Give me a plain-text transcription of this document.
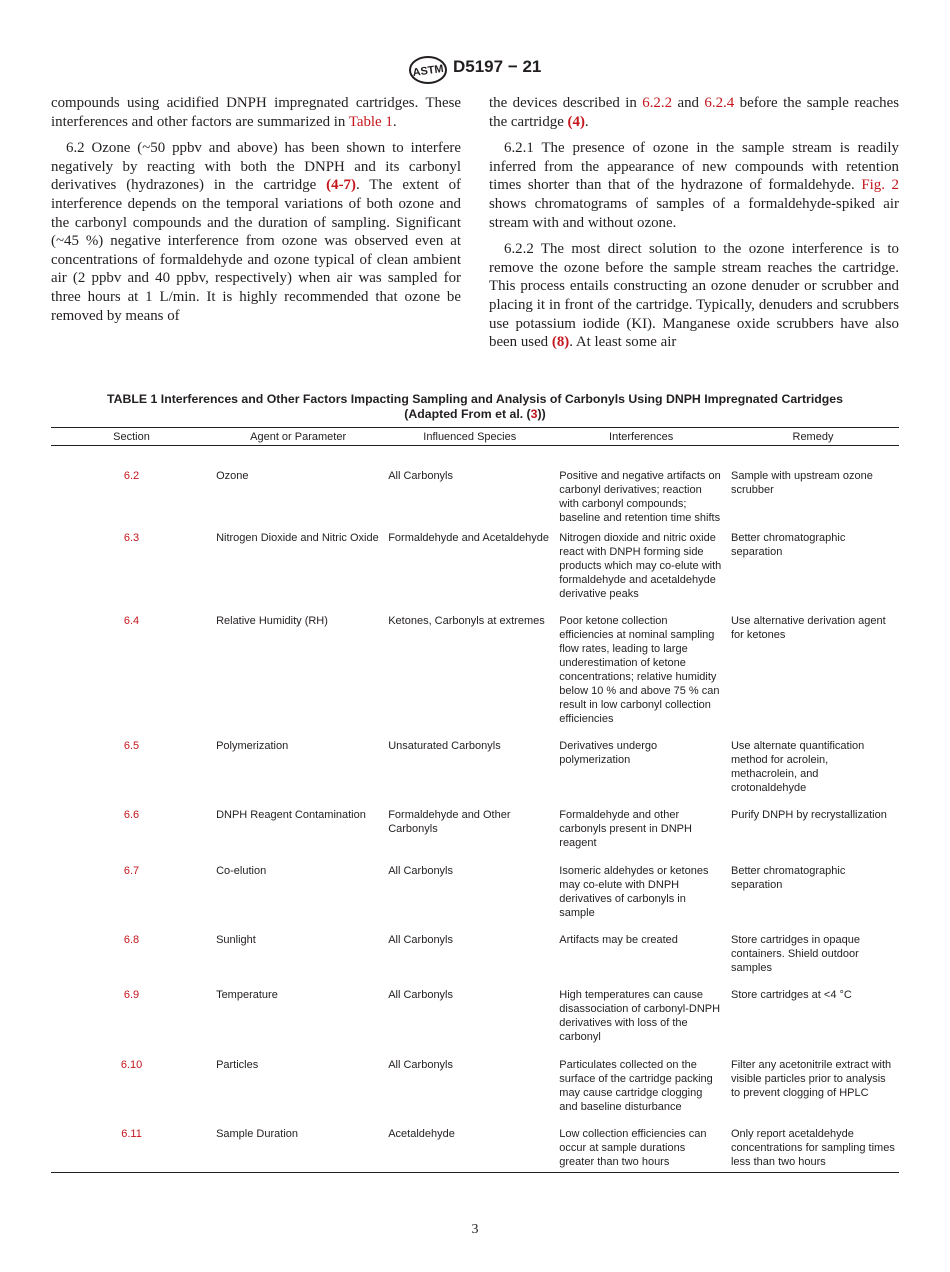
ASTM D5197 − 21

compounds using acidified DNPH impregnated cartridges. These interferences and other factors are summarized in Table 1.

6.2 Ozone (~50 ppbv and above) has been shown to interfere negatively by reacting with both the DNPH and its carbonyl derivatives (hydrazones) in the cartridge (4-7). The extent of interference depends on the temporal variations of both ozone and the carbonyl compounds and the duration of sampling. Significant (~45 %) negative interference from ozone was observed even at concentrations of formaldehyde and ozone typical of clean ambient air (2 ppbv and 40 ppbv, respectively) when air was sampled for three hours at 1 L/min. It is highly recommended that ozone be removed by means of

the devices described in 6.2.2 and 6.2.4 before the sample reaches the cartridge (4).

6.2.1 The presence of ozone in the sample stream is readily inferred from the appearance of new compounds with retention times shorter than that of the hydrazone of formaldehyde. Fig. 2 shows chromatograms of samples of a formaldehyde-spiked air stream with and without ozone.

6.2.2 The most direct solution to the ozone interference is to remove the ozone before the sample stream reaches the cartridge. This process entails constructing an ozone denuder or scrubber and placing it in front of the cartridge. Typically, denuders and scrubbers use potassium iodide (KI). Manganese oxide scrubbers have also been used (8). At least some air

TABLE 1 Interferences and Other Factors Impacting Sampling and Analysis of Carbonyls Using DNPH Impregnated Cartridges
(Adapted From et al. (3))
Section	Agent or Parameter	Influenced Species	Interferences	Remedy
6.2	Ozone	All Carbonyls	Positive and negative artifacts on carbonyl derivatives; reaction with carbonyl compounds; baseline and retention time shifts	Sample with upstream ozone scrubber
6.3	Nitrogen Dioxide and Nitric Oxide	Formaldehyde and Acetaldehyde	Nitrogen dioxide and nitric oxide react with DNPH forming side products which may co-elute with formaldehyde and acetaldehyde derivative peaks	Better chromatographic separation
6.4	Relative Humidity (RH)	Ketones, Carbonyls at extremes	Poor ketone collection efficiencies at nominal sampling flow rates, leading to large underestimation of ketone concentrations; relative humidity below 10 % and above 75 % can result in low carbonyl collection efficiencies	Use alternative derivation agent for ketones
6.5	Polymerization	Unsaturated Carbonyls	Derivatives undergo polymerization	Use alternate quantification method for acrolein, methacrolein, and crotonaldehyde
6.6	DNPH Reagent Contamination	Formaldehyde and Other Carbonyls	Formaldehyde and other carbonyls present in DNPH reagent	Purify DNPH by recrystallization
6.7	Co-elution	All Carbonyls	Isomeric aldehydes or ketones may co-elute with DNPH derivatives of carbonyls in sample	Better chromatographic separation
6.8	Sunlight	All Carbonyls	Artifacts may be created	Store cartridges in opaque containers. Shield outdoor samples
6.9	Temperature	All Carbonyls	High temperatures can cause disassociation of carbonyl-DNPH derivatives with loss of the carbonyl	Store cartridges at <4 °C
6.10	Particles	All Carbonyls	Particulates collected on the surface of the cartridge packing may cause cartridge clogging and baseline disturbance	Filter any acetonitrile extract with visible particles prior to analysis to prevent clogging of HPLC
6.11	Sample Duration	Acetaldehyde	Low collection efficiencies can occur at sample durations greater than two hours	Only report acetaldehyde concentrations for sampling times less than two hours
3
